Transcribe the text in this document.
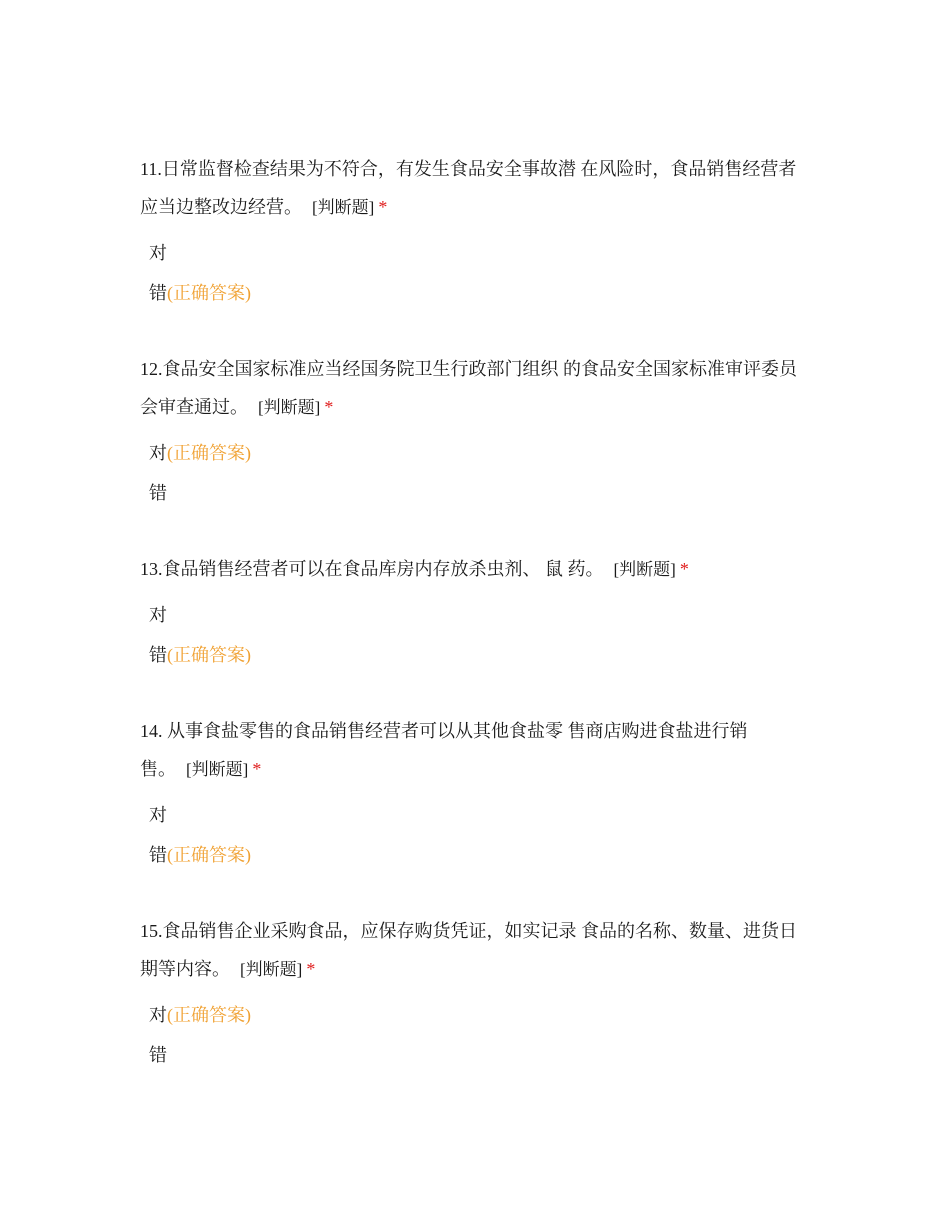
11.日常监督检查结果为不符合，有发生食品安全事故潜 在风险时，食品销售经营者应当边整改边经营。 [判断题] *

对
错(正确答案)

12.食品安全国家标准应当经国务院卫生行政部门组织 的食品安全国家标准审评委员会审查通过。 [判断题] *

对(正确答案)
错

13.食品销售经营者可以在食品库房内存放杀虫剂、 鼠 药。 [判断题] *

对
错(正确答案)

14. 从事食盐零售的食品销售经营者可以从其他食盐零 售商店购进食盐进行销售。 [判断题] *

对
错(正确答案)

15.食品销售企业采购食品，应保存购货凭证，如实记录 食品的名称、数量、进货日期等内容。 [判断题] *

对(正确答案)
错
